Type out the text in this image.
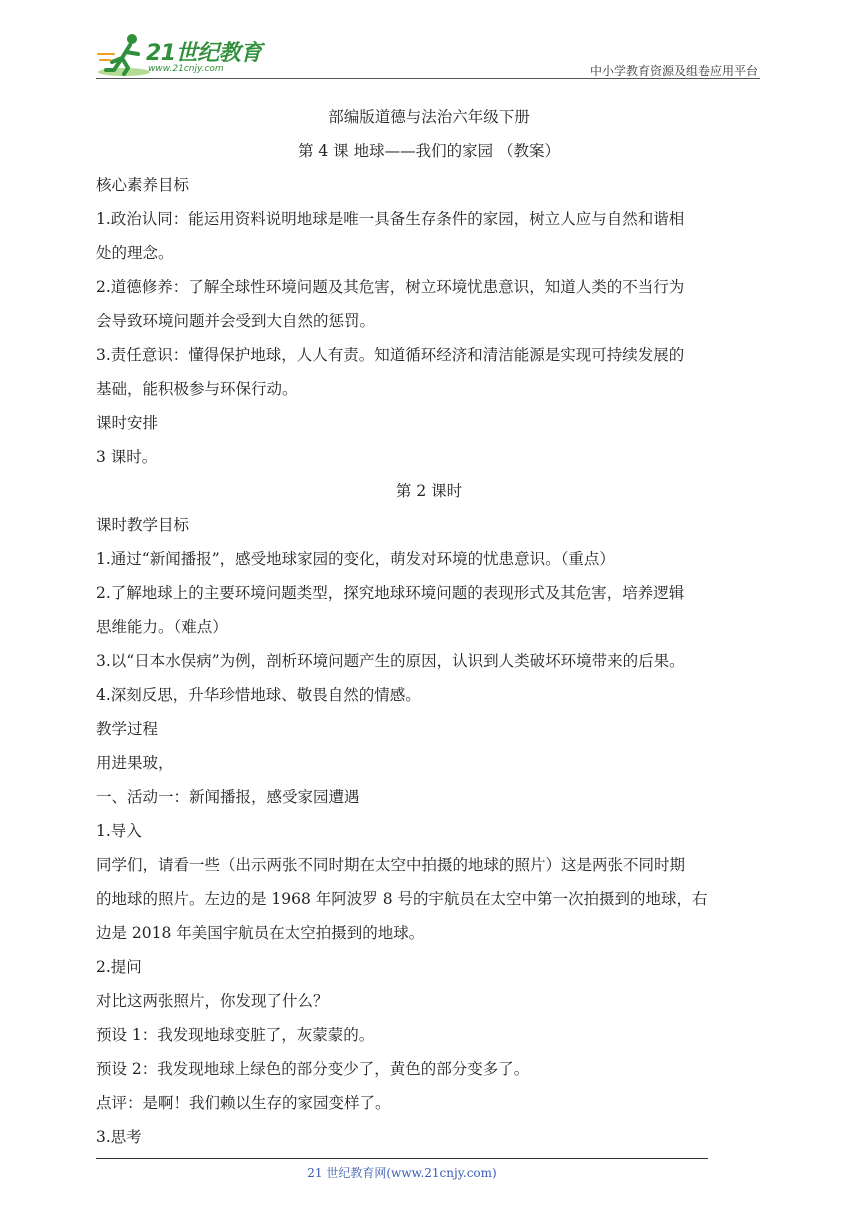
21世纪教育
www.21cnjy.com	中小学教育资源及组卷应用平台
部编版道德与法治六年级下册
第 4 课 地球——我们的家园 （教案）
核心素养目标
1.政治认同：能运用资料说明地球是唯一具备生存条件的家园，树立人应与自然和谐相
处的理念。
2.道德修养：了解全球性环境问题及其危害，树立环境忧患意识，知道人类的不当行为
会导致环境问题并会受到大自然的惩罚。
3.责任意识：懂得保护地球，人人有责。知道循环经济和清洁能源是实现可持续发展的
基础，能积极参与环保行动。
课时安排
3 课时。
第 2 课时
课时教学目标
1.通过“新闻播报”，感受地球家园的变化，萌发对环境的忧患意识。（重点）
2.了解地球上的主要环境问题类型，探究地球环境问题的表现形式及其危害，培养逻辑
思维能力。（难点）
3.以“日本水俣病”为例，剖析环境问题产生的原因，认识到人类破坏环境带来的后果。
4.深刻反思，升华珍惜地球、敬畏自然的情感。
教学过程
用进果玻，
一、活动一：新闻播报，感受家园遭遇
1.导入
同学们，请看一些（出示两张不同时期在太空中拍摄的地球的照片）这是两张不同时期
的地球的照片。左边的是 1968 年阿波罗 8 号的宇航员在太空中第一次拍摄到的地球，右
边是 2018 年美国宇航员在太空拍摄到的地球。
2.提问
对比这两张照片，你发现了什么？
预设 1：我发现地球变脏了，灰蒙蒙的。
预设 2：我发现地球上绿色的部分变少了，黄色的部分变多了。
点评：是啊！我们赖以生存的家园变样了。
3.思考
21 世纪教育网(www.21cnjy.com)
